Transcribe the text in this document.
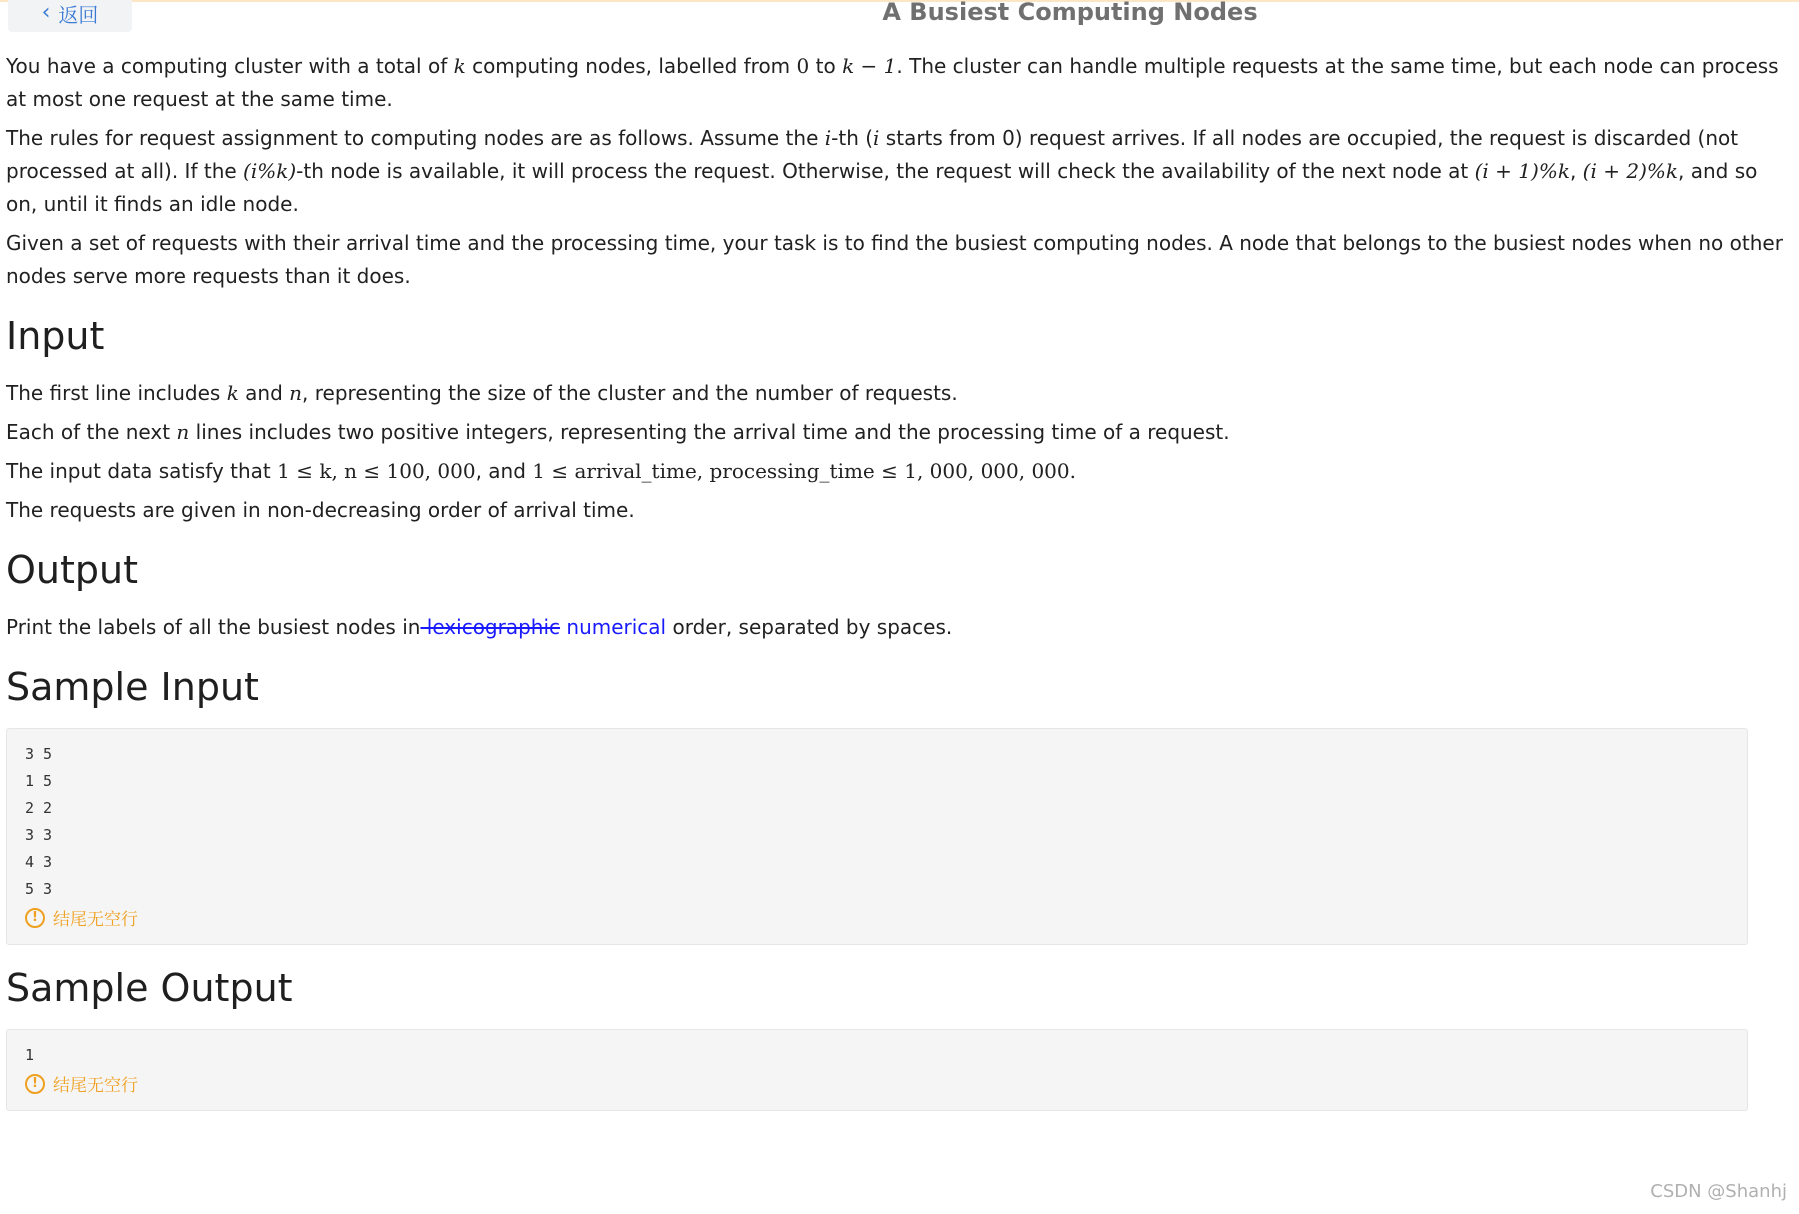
‹ 返回	A Busiest Computing Nodes

You have a computing cluster with a total of k computing nodes, labelled from 0 to k − 1. The cluster can handle multiple requests at the same time, but each node can process at most one request at the same time.

The rules for request assignment to computing nodes are as follows. Assume the i-th (i starts from 0) request arrives. If all nodes are occupied, the request is discarded (not processed at all). If the (i%k)-th node is available, it will process the request. Otherwise, the request will check the availability of the next node at (i + 1)%k, (i + 2)%k, and so on, until it finds an idle node.

Given a set of requests with their arrival time and the processing time, your task is to find the busiest computing nodes. A node that belongs to the busiest nodes when no other nodes serve more requests than it does.

Input

The first line includes k and n, representing the size of the cluster and the number of requests.

Each of the next n lines includes two positive integers, representing the arrival time and the processing time of a request.

The input data satisfy that 1 ≤ k, n ≤ 100, 000, and 1 ≤ arrival_time, processing_time ≤ 1, 000, 000, 000.

The requests are given in non-decreasing order of arrival time.

Output

Print the labels of all the busiest nodes in lexicographic numerical order, separated by spaces.

Sample Input
3 5
1 5
2 2
3 3
4 3
5 3
! 结尾无空行
Sample Output
1
! 结尾无空行
CSDN @Shanhj
